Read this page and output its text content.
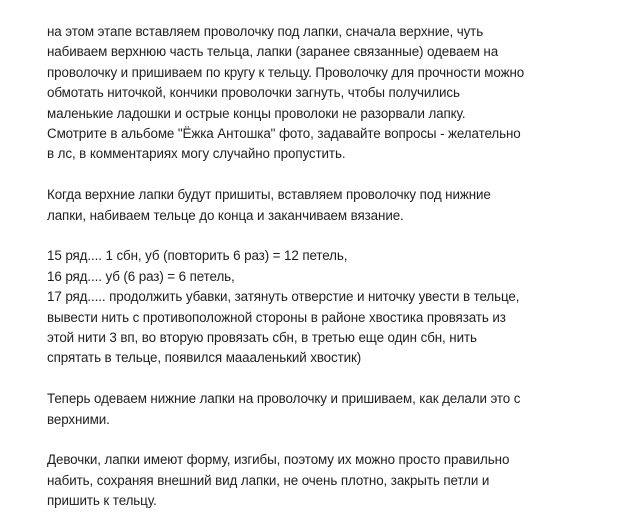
на этом этапе вставляем проволочку под лапки, сначала верхние, чуть
набиваем верхнюю часть тельца, лапки (заранее связанные) одеваем на
проволочку и пришиваем по кругу к тельцу. Проволочку для прочности можно
обмотать ниточкой, кончики проволочки загнуть, чтобы получились
маленькие ладошки и острые концы проволоки не разорвали лапку.
Смотрите в альбоме "Ёжка Антошка" фото, задавайте вопросы - желательно
в лс, в комментариях могу случайно пропустить.

Когда верхние лапки будут пришиты, вставляем проволочку под нижние
лапки, набиваем тельце до конца и заканчиваем вязание.

15 ряд.... 1 сбн, уб (повторить 6 раз) = 12 петель,
16 ряд.... уб (6 раз) = 6 петель,
17 ряд..... продолжить убавки, затянуть отверстие и ниточку увести в тельце,
вывести нить с противоположной стороны в районе хвостика провязать из
этой нити 3 вп, во вторую провязать сбн, в третью еще один сбн, нить
спрятать в тельце, появился маааленький хвостик)

Теперь одеваем нижние лапки на проволочку и пришиваем, как делали это с
верхними.

Девочки, лапки имеют форму, изгибы, поэтому их можно просто правильно
набить, сохраняя внешний вид лапки, не очень плотно, закрыть петли и
пришить к тельцу.
